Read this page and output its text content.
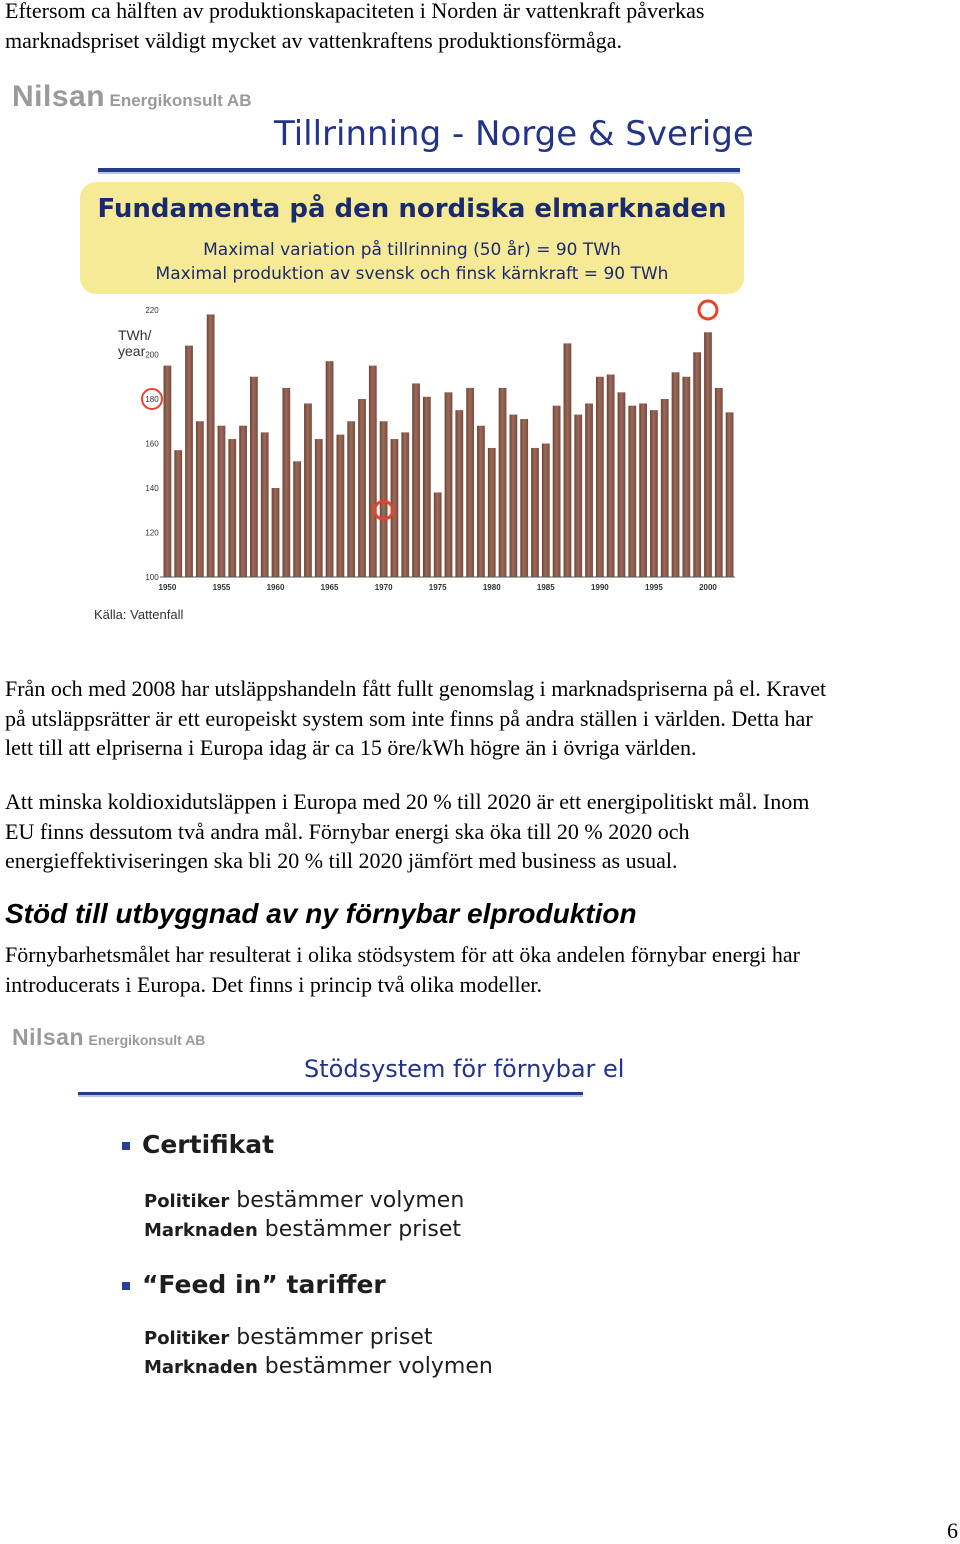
Eftersom ca hälften av produktionskapaciteten i Norden är vattenkraft påverkas
marknadspriset väldigt mycket av vattenkraftens produktionsförmåga.

Nilsan Energikonsult AB
Tillrinning - Norge & Sverige
Fundamenta på den nordiska elmarknaden
Maximal variation på tillrinning (50 år) = 90 TWh
Maximal produktion av svensk och finsk kärnkraft = 90 TWh
TWh/
year
100
120
140
160
180
200
220
1950	1955	1960	1965	1970	1975	1980	1985	1990	1995	2000
Källa: Vattenfall

Från och med 2008 har utsläppshandeln fått fullt genomslag i marknadspriserna på el. Kravet
på utsläppsrätter är ett europeiskt system som inte finns på andra ställen i världen. Detta har
lett till att elpriserna i Europa idag är ca 15 öre/kWh högre än i övriga världen.

Att minska koldioxidutsläppen i Europa med 20 % till 2020 är ett energipolitiskt mål. Inom
EU finns dessutom två andra mål. Förnybar energi ska öka till 20 % 2020 och
energieffektiviseringen ska bli 20 % till 2020 jämfört med business as usual.

Stöd till utbyggnad av ny förnybar elproduktion

Förnybarhetsmålet har resulterat i olika stödsystem för att öka andelen förnybar energi har
introducerats i Europa. Det finns i princip två olika modeller.

Nilsan Energikonsult AB
Stödsystem för förnybar el
Certifikat
Politiker bestämmer volymen
Marknaden bestämmer priset
“Feed in” tariffer
Politiker bestämmer priset
Marknaden bestämmer volymen
6
